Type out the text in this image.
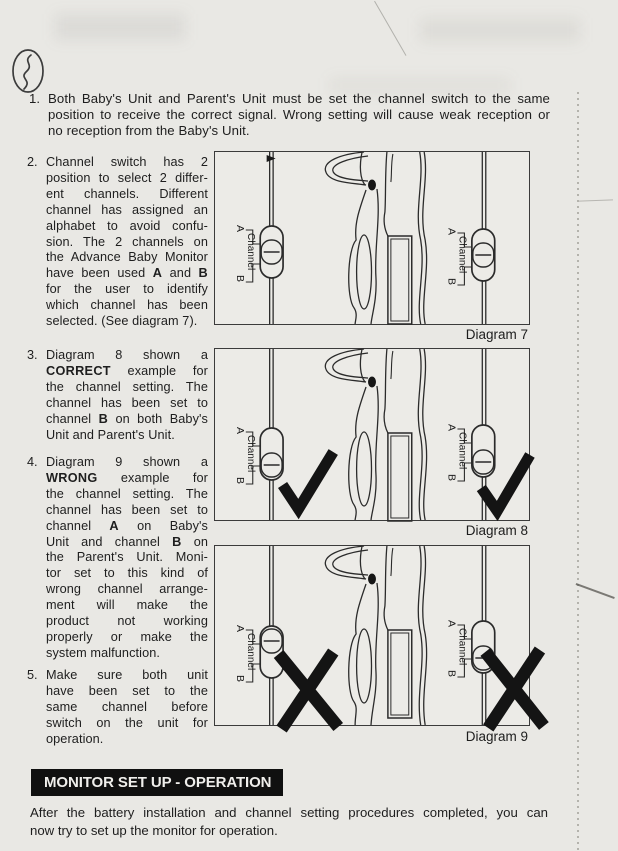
1. Both Baby's Unit and Parent's Unit must be set the channel switch to the same
position to receive the correct signal. Wrong setting will cause weak reception or
no reception from the Baby's Unit.
2. Channel switch has 2
position to select 2 differ-
ent channels. Different
channel has assigned an
alphabet to avoid confu-
sion. The 2 channels on
the Advance Baby Monitor
have been used A and B
for the user to identify
which channel has been
selected. (See diagram 7).
3. Diagram 8 shown a
CORRECT example for
the channel setting. The
channel has been set to
channel B on both Baby's
Unit and Parent's Unit.
4. Diagram 9 shown a
WRONG example for
the channel setting. The
channel has been set to
channel A on Baby's
Unit and channel B on
the Parent's Unit. Moni-
tor set to this kind of
wrong channel arrange-
ment will make the
product not working
properly or make the
system malfunction.
5. Make sure both unit
have been set to the
same channel before
switch on the unit for
operation.
A
B
Channel
A
B
Channel
Diagram 7
A
B
Channel
A
B
Channel
Diagram 8
A
B
Channel
A
B
Channel
Diagram 9
MONITOR SET UP - OPERATION
After the battery installation and channel setting procedures completed, you can
now try to set up the monitor for operation.
